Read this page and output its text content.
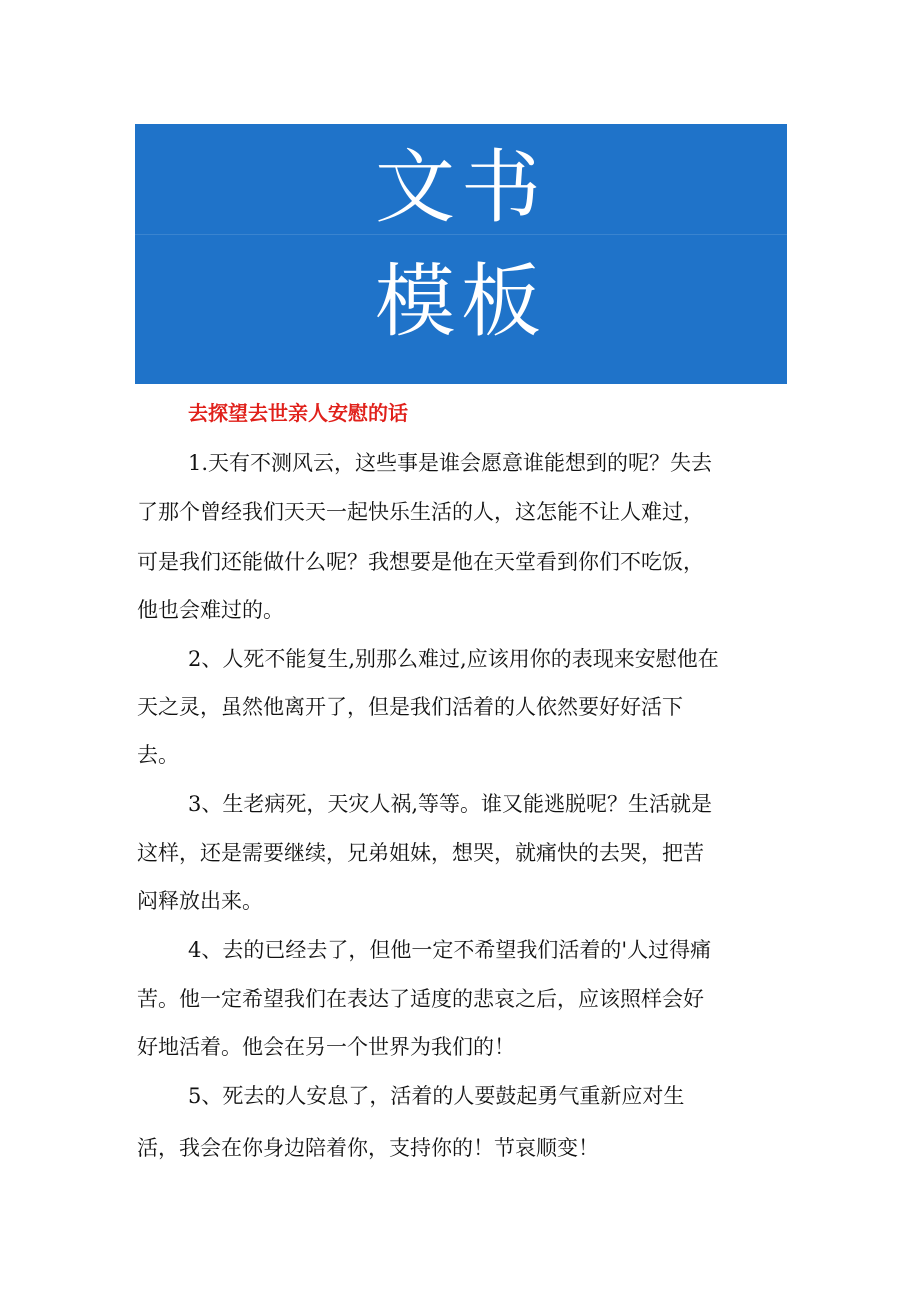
文书
模板
去探望去世亲人安慰的话
1.天有不测风云，这些事是谁会愿意谁能想到的呢？失去
了那个曾经我们天天一起快乐生活的人，这怎能不让人难过，
可是我们还能做什么呢？我想要是他在天堂看到你们不吃饭，
他也会难过的。
2、人死不能复生,别那么难过,应该用你的表现来安慰他在
天之灵，虽然他离开了，但是我们活着的人依然要好好活下
去。
3、生老病死，天灾人祸,等等。谁又能逃脱呢？生活就是
这样，还是需要继续，兄弟姐妹，想哭，就痛快的去哭，把苦
闷释放出来。
4、去的已经去了，但他一定不希望我们活着的'人过得痛
苦。他一定希望我们在表达了适度的悲哀之后，应该照样会好
好地活着。他会在另一个世界为我们的！
5、死去的人安息了，活着的人要鼓起勇气重新应对生
活，我会在你身边陪着你，支持你的！节哀顺变！
